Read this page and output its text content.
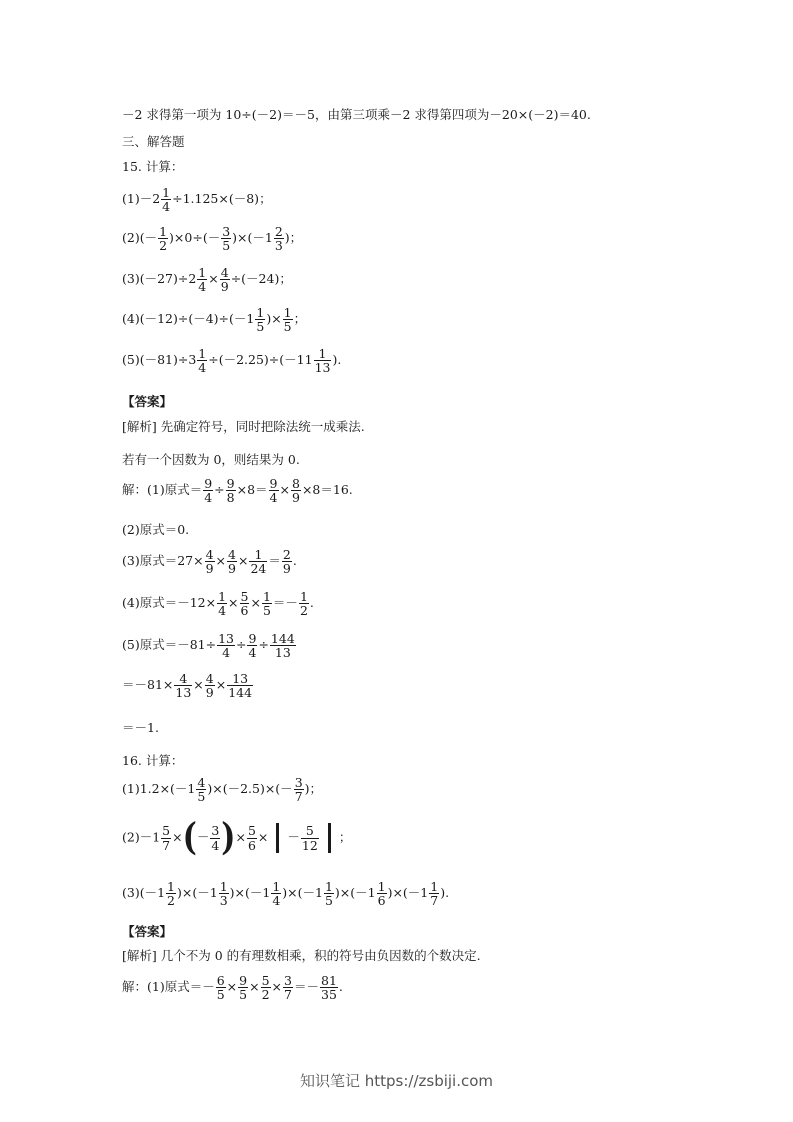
－2 求得第一项为 10÷(－2)＝－5，由第三项乘－2 求得第四项为－20×(－2)＝40.
三、解答题
15. 计算：
$(1)-2 \frac{1}{4} \div 1.125\times(-8)$；
$(2)(- \frac{1}{2} )\times 0\div(- \frac{3}{5} )\times(-1 \frac{2}{3}$ )；
$(3)(-27)\div 2 \frac{1}{4} \times \frac{4}{9} \div(-24)$；
$(4)(-12)\div(-4)\div(-1 \frac{1}{5}$ )× $\frac{1}{5}$ ；
$(5)(-81)\div 3 \frac{1}{4} \div(-2.25)\div(-11 \frac{1}{13}$ ).
【答案】
[解析] 先确定符号，同时把除法统一成乘法.
若有一个因数为 0，则结果为 0.
解：(1)原式＝ $\frac{9}{4} \div \frac{9}{8} \times 8= \frac{9}{4} \times \frac{8}{9} \times 8=16$.
(2)原式＝0.
(3)原式$=27\times \frac{4}{9} \times \frac{4}{9} \times \frac{1}{24} = \frac{2}{9}$ .
(4)原式$=-12\times \frac{1}{4} \times \frac{5}{6} \times \frac{1}{5} =- \frac{1}{2}$ .
(5)原式$=-81\div \frac{13}{4} \div \frac{9}{4} \div \frac{144}{13}$
$=-81\times \frac{4}{13} \times \frac{4}{9} \times \frac{13}{144}$
＝－1.
16. 计算：
$(1)1.2\times(-1 \frac{4}{5} )\times(-2.5)\times(- \frac{3}{7}$ )；
$(2)-1 \frac{5}{7}$ ×(－ $\frac{3}{4}$ )× $\frac{5}{6}$ × － $\frac{5}{12}$ ；
$(3)(-1 \frac{1}{2} )\times(-1 \frac{1}{3} )\times(-1 \frac{1}{4} )\times(-1 \frac{1}{5} )\times(-1 \frac{1}{6} )\times(-1 \frac{1}{7}$ ).
【答案】
[解析] 几个不为 0 的有理数相乘，积的符号由负因数的个数决定.
解：(1)原式＝－ $\frac{6}{5} \times \frac{9}{5} \times \frac{5}{2} \times \frac{3}{7} =- \frac{81}{35}$ .
知识笔记 https://zsbiji.com
